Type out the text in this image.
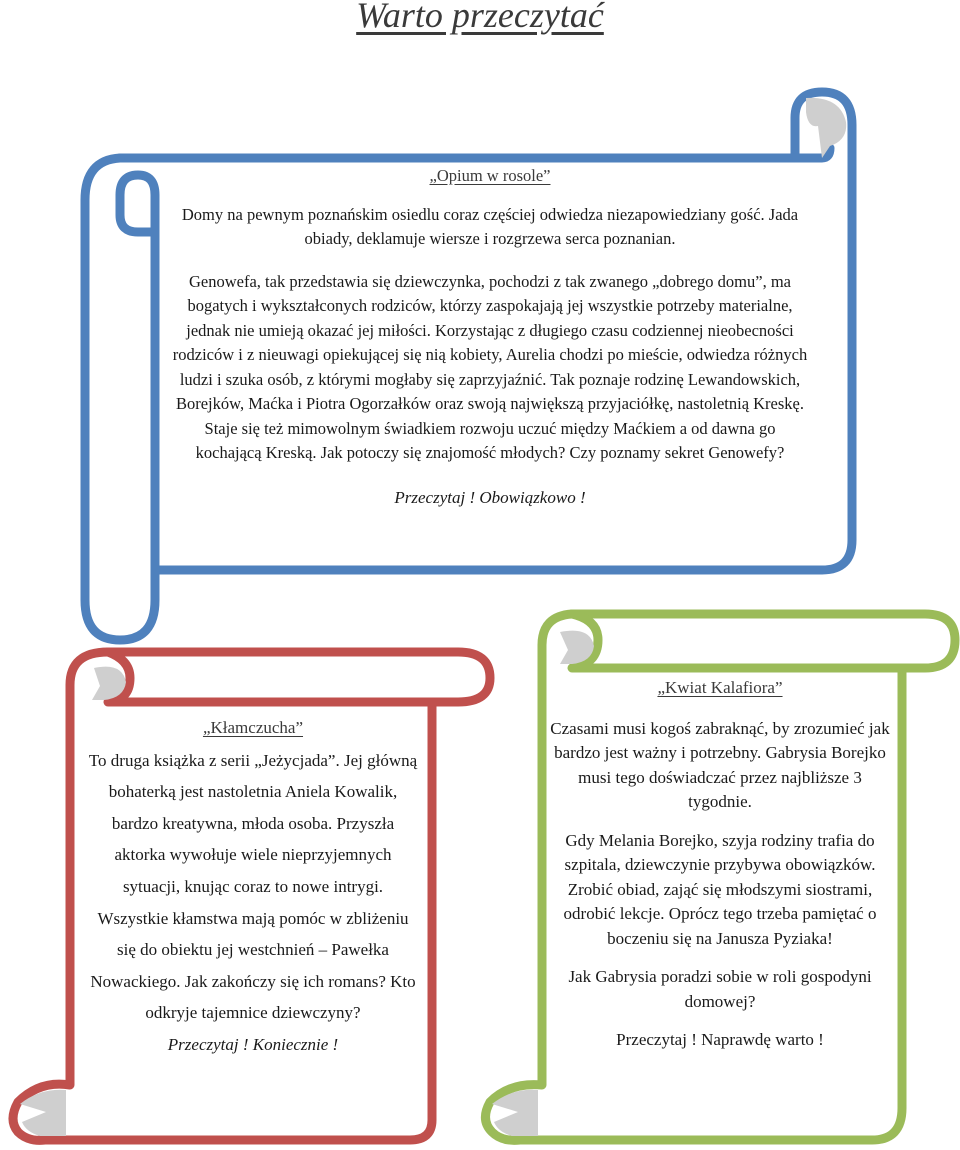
Warto przeczytać

„Opium w rosole”

Domy na pewnym poznańskim osiedlu coraz częściej odwiedza niezapowiedziany gość. Jada obiady, deklamuje wiersze i rozgrzewa serca poznanian.

Genowefa, tak przedstawia się dziewczynka, pochodzi z tak zwanego „dobrego domu”, ma bogatych i wykształconych rodziców, którzy zaspokajają jej wszystkie potrzeby materialne, jednak nie umieją okazać jej miłości. Korzystając z długiego czasu codziennej nieobecności rodziców i z nieuwagi opiekującej się nią kobiety, Aurelia chodzi po mieście, odwiedza różnych ludzi i szuka osób, z którymi mogłaby się zaprzyjaźnić. Tak poznaje rodzinę Lewandowskich, Borejków, Maćka i Piotra Ogorzałków oraz swoją największą przyjaciółkę, nastoletnią Kreskę. Staje się też mimowolnym świadkiem rozwoju uczuć między Maćkiem a od dawna go kochającą Kreską. Jak potoczy się znajomość młodych? Czy poznamy sekret Genowefy?

Przeczytaj ! Obowiązkowo !

„Kłamczucha”

To druga książka z serii „Jeżycjada”. Jej główną bohaterką jest nastoletnia Aniela Kowalik, bardzo kreatywna, młoda osoba. Przyszła aktorka wywołuje wiele nieprzyjemnych sytuacji, knując coraz to nowe intrygi. Wszystkie kłamstwa mają pomóc w zbliżeniu się do obiektu jej westchnień – Pawełka Nowackiego. Jak zakończy się ich romans? Kto odkryje tajemnice dziewczyny?

Przeczytaj ! Koniecznie !

„Kwiat Kalafiora”

Czasami musi kogoś zabraknąć, by zrozumieć jak bardzo jest ważny i potrzebny. Gabrysia Borejko musi tego doświadczać przez najbliższe 3 tygodnie.

Gdy Melania Borejko, szyja rodziny trafia do szpitala, dziewczynie przybywa obowiązków. Zrobić obiad, zająć się młodszymi siostrami, odrobić lekcje. Oprócz tego trzeba pamiętać o boczeniu się na Janusza Pyziaka!

Jak Gabrysia poradzi sobie w roli gospodyni domowej?

Przeczytaj ! Naprawdę warto !
